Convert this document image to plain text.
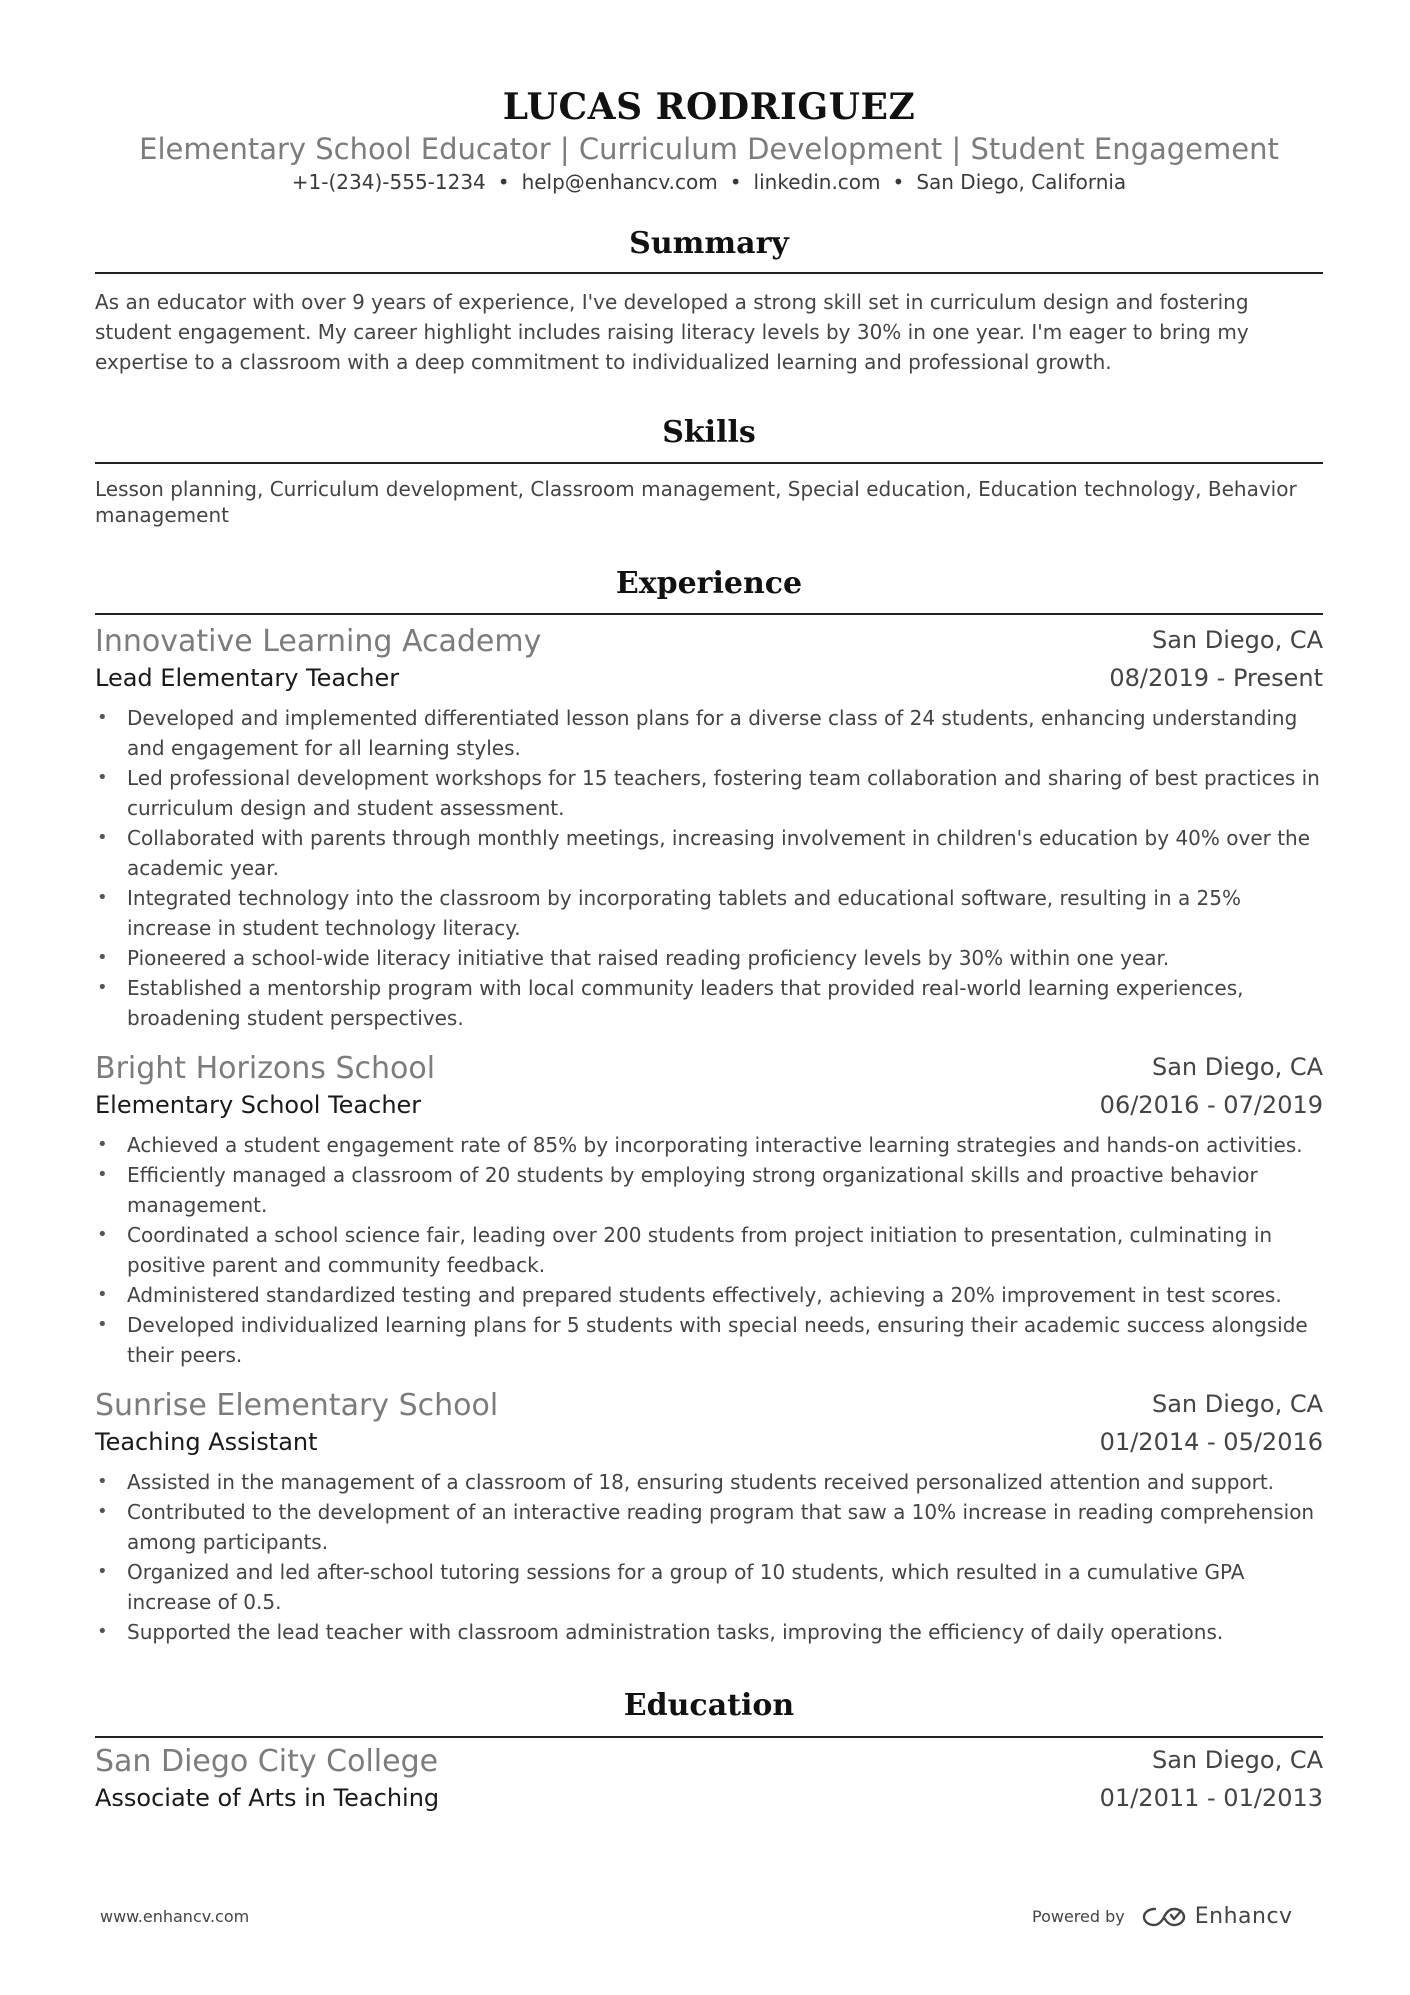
LUCAS RODRIGUEZ
Elementary School Educator | Curriculum Development | Student Engagement
+1-(234)-555-1234 • help@enhancv.com • linkedin.com • San Diego, California
Summary
As an educator with over 9 years of experience, I've developed a strong skill set in curriculum design and fostering student engagement. My career highlight includes raising literacy levels by 30% in one year. I'm eager to bring my expertise to a classroom with a deep commitment to individualized learning and professional growth.
Skills
Lesson planning, Curriculum development, Classroom management, Special education, Education technology, Behavior management
Experience
Innovative Learning Academy	San Diego, CA
Lead Elementary Teacher	08/2019 - Present
• Developed and implemented differentiated lesson plans for a diverse class of 24 students, enhancing understanding and engagement for all learning styles.
• Led professional development workshops for 15 teachers, fostering team collaboration and sharing of best practices in curriculum design and student assessment.
• Collaborated with parents through monthly meetings, increasing involvement in children's education by 40% over the academic year.
• Integrated technology into the classroom by incorporating tablets and educational software, resulting in a 25% increase in student technology literacy.
• Pioneered a school-wide literacy initiative that raised reading proficiency levels by 30% within one year.
• Established a mentorship program with local community leaders that provided real-world learning experiences, broadening student perspectives.
Bright Horizons School	San Diego, CA
Elementary School Teacher	06/2016 - 07/2019
• Achieved a student engagement rate of 85% by incorporating interactive learning strategies and hands-on activities.
• Efficiently managed a classroom of 20 students by employing strong organizational skills and proactive behavior management.
• Coordinated a school science fair, leading over 200 students from project initiation to presentation, culminating in positive parent and community feedback.
• Administered standardized testing and prepared students effectively, achieving a 20% improvement in test scores.
• Developed individualized learning plans for 5 students with special needs, ensuring their academic success alongside their peers.
Sunrise Elementary School	San Diego, CA
Teaching Assistant	01/2014 - 05/2016
• Assisted in the management of a classroom of 18, ensuring students received personalized attention and support.
• Contributed to the development of an interactive reading program that saw a 10% increase in reading comprehension among participants.
• Organized and led after-school tutoring sessions for a group of 10 students, which resulted in a cumulative GPA increase of 0.5.
• Supported the lead teacher with classroom administration tasks, improving the efficiency of daily operations.
Education
San Diego City College	San Diego, CA
Associate of Arts in Teaching	01/2011 - 01/2013
www.enhancv.com	Powered by	Enhancv
